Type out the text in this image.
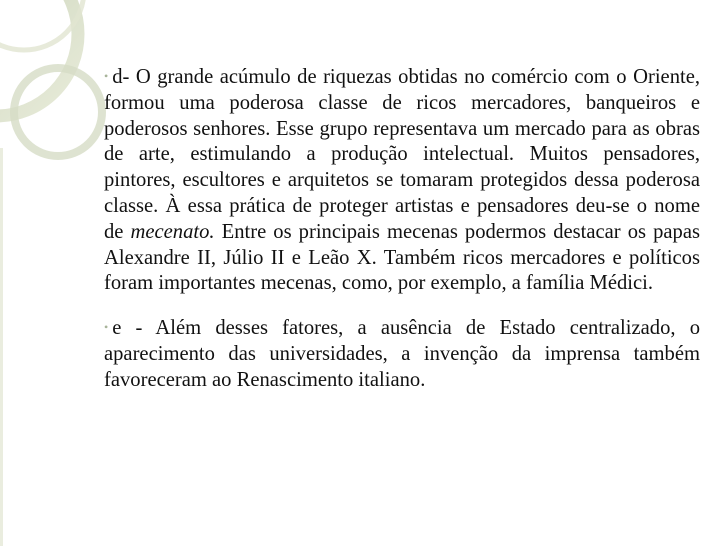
• d- O grande acúmulo de riquezas obtidas no comércio com o Oriente, formou uma poderosa classe de ricos mercadores, banqueiros e poderosos senhores. Esse grupo representava um mercado para as obras de arte, estimulando a produção intelectual. Muitos pensadores, pintores, escultores e arquitetos se tomaram protegidos dessa poderosa classe. À essa prática de proteger artistas e pensadores deu-se o nome de mecenato. Entre os principais mecenas podermos destacar os papas Alexandre II, Júlio II e Leão X. Também ricos mercadores e políticos foram importantes mecenas, como, por exemplo, a família Médici.

• e - Além desses fatores, a ausência de Estado centralizado, o aparecimento das universidades, a invenção da imprensa também favoreceram ao Renascimento italiano.
